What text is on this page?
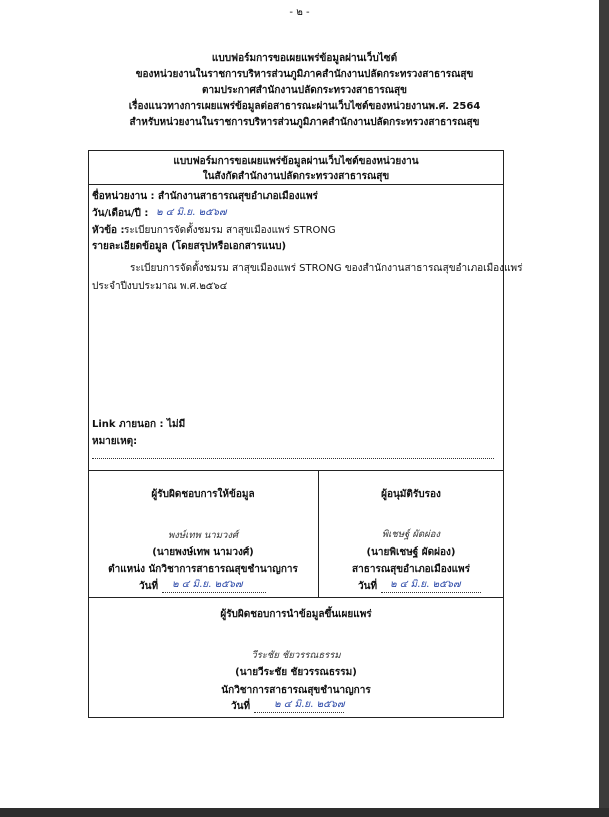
- ๒ -
แบบฟอร์มการขอเผยแพร่ข้อมูลผ่านเว็บไซต์
ของหน่วยงานในราชการบริหารส่วนภูมิภาคสำนักงานปลัดกระทรวงสาธารณสุข
ตามประกาศสำนักงานปลัดกระทรวงสาธารณสุข
เรื่องแนวทางการเผยแพร่ข้อมูลต่อสาธารณะผ่านเว็บไซต์ของหน่วยงานพ.ศ. 2564
สำหรับหน่วยงานในราชการบริหารส่วนภูมิภาคสำนักงานปลัดกระทรวงสาธารณสุข
แบบฟอร์มการขอเผยแพร่ข้อมูลผ่านเว็บไซต์ของหน่วยงาน
ในสังกัดสำนักงานปลัดกระทรวงสาธารณสุข
ชื่อหน่วยงาน : สำนักงานสาธารณสุขอำเภอเมืองแพร่
วัน/เดือน/ปี : ๒ ๔ มิ.ย. ๒๕๖๗
หัวข้อ : ระเบียบการจัดตั้งชมรม สาสุขเมืองแพร่ STRONG
รายละเอียดข้อมูล (โดยสรุปหรือเอกสารแนบ)
ระเบียบการจัดตั้งชมรม สาสุขเมืองแพร่ STRONG ของสำนักงานสาธารณสุขอำเภอเมืองแพร่
ประจำปีงบประมาณ พ.ศ.๒๕๖๔
Link ภายนอก : ไม่มี
หมายเหตุ:
ผู้รับผิดชอบการให้ข้อมูล
พงษ์เทพ นามวงศ์
(นายพงษ์เทพ นามวงศ์)
ตำแหน่ง นักวิชาการสาธารณสุขชำนาญการ
วันที่ ๒ ๔ มิ.ย. ๒๕๖๗
ผู้อนุมัติรับรอง
พิเชษฐ์ ผัดผ่อง
(นายพิเชษฐ์ ผัดผ่อง)
สาธารณสุขอำเภอเมืองแพร่
วันที่ ๒ ๔ มิ.ย. ๒๕๖๗
ผู้รับผิดชอบการนำข้อมูลขึ้นเผยแพร่
วีระชัย ชัยวรรณธรรม
(นายวีระชัย ชัยวรรณธรรม)
นักวิชาการสาธารณสุขชำนาญการ
วันที่ ๒ ๔ มิ.ย. ๒๕๖๗
